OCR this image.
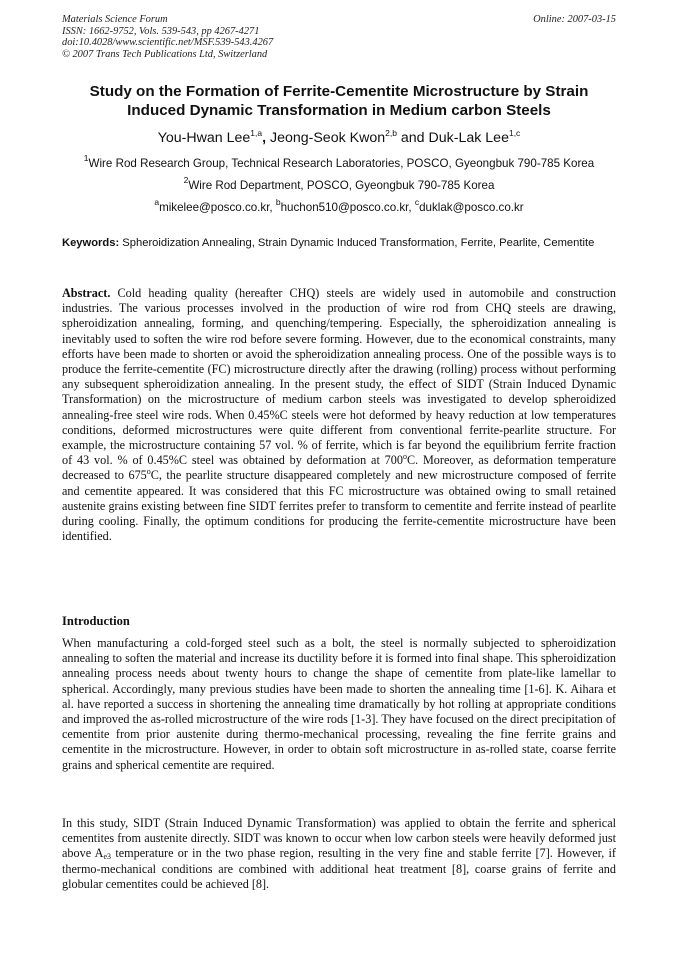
Materials Science Forum
ISSN: 1662-9752, Vols. 539-543, pp 4267-4271
doi:10.4028/www.scientific.net/MSF.539-543.4267
© 2007 Trans Tech Publications Ltd, Switzerland
Online: 2007-03-15
Study on the Formation of Ferrite-Cementite Microstructure by Strain Induced Dynamic Transformation in Medium carbon Steels
You-Hwan Lee$^{1,a}$, Jeong-Seok Kwon$^{2,b}$ and Duk-Lak Lee$^{1,c}$
$^1$Wire Rod Research Group, Technical Research Laboratories, POSCO, Gyeongbuk 790-785 Korea
$^2$Wire Rod Department, POSCO, Gyeongbuk 790-785 Korea
$^a$mikelee@posco.co.kr, $^b$huchon510@posco.co.kr, $^c$duklak@posco.co.kr
Keywords: Spheroidization Annealing, Strain Dynamic Induced Transformation, Ferrite, Pearlite, Cementite
Abstract. Cold heading quality (hereafter CHQ) steels are widely used in automobile and construction industries. The various processes involved in the production of wire rod from CHQ steels are drawing, spheroidization annealing, forming, and quenching/tempering. Especially, the spheroidization annealing is inevitably used to soften the wire rod before severe forming. However, due to the economical constraints, many efforts have been made to shorten or avoid the spheroidization annealing process. One of the possible ways is to produce the ferrite-cementite (FC) microstructure directly after the drawing (rolling) process without performing any subsequent spheroidization annealing. In the present study, the effect of SIDT (Strain Induced Dynamic Transformation) on the microstructure of medium carbon steels was investigated to develop spheroidized annealing-free steel wire rods. When 0.45%C steels were hot deformed by heavy reduction at low temperatures conditions, deformed microstructures were quite different from conventional ferrite-pearlite structure. For example, the microstructure containing 57 vol. % of ferrite, which is far beyond the equilibrium ferrite fraction of 43 vol. % of 0.45%C steel was obtained by deformation at 700$^o$C. Moreover, as deformation temperature decreased to 675$^o$C, the pearlite structure disappeared completely and new microstructure composed of ferrite and cementite appeared. It was considered that this FC microstructure was obtained owing to small retained austenite grains existing between fine SIDT ferrites prefer to transform to cementite and ferrite instead of pearlite during cooling. Finally, the optimum conditions for producing the ferrite-cementite microstructure have been identified.
Introduction
When manufacturing a cold-forged steel such as a bolt, the steel is normally subjected to spheroidization annealing to soften the material and increase its ductility before it is formed into final shape. This spheroidization annealing process needs about twenty hours to change the shape of cementite from plate-like lamellar to spherical. Accordingly, many previous studies have been made to shorten the annealing time [1-6]. K. Aihara et al. have reported a success in shortening the annealing time dramatically by hot rolling at appropriate conditions and improved the as-rolled microstructure of the wire rods [1-3]. They have focused on the direct precipitation of cementite from prior austenite during thermo-mechanical processing, revealing the fine ferrite grains and cementite in the microstructure. However, in order to obtain soft microstructure in as-rolled state, coarse ferrite grains and spherical cementite are required.
In this study, SIDT (Strain Induced Dynamic Transformation) was applied to obtain the ferrite and spherical cementites from austenite directly. SIDT was known to occur when low carbon steels were heavily deformed just above $A_{e3}$ temperature or in the two phase region, resulting in the very fine and stable ferrite [7]. However, if thermo-mechanical conditions are combined with additional heat treatment [8], coarse grains of ferrite and globular cementites could be achieved [8].
